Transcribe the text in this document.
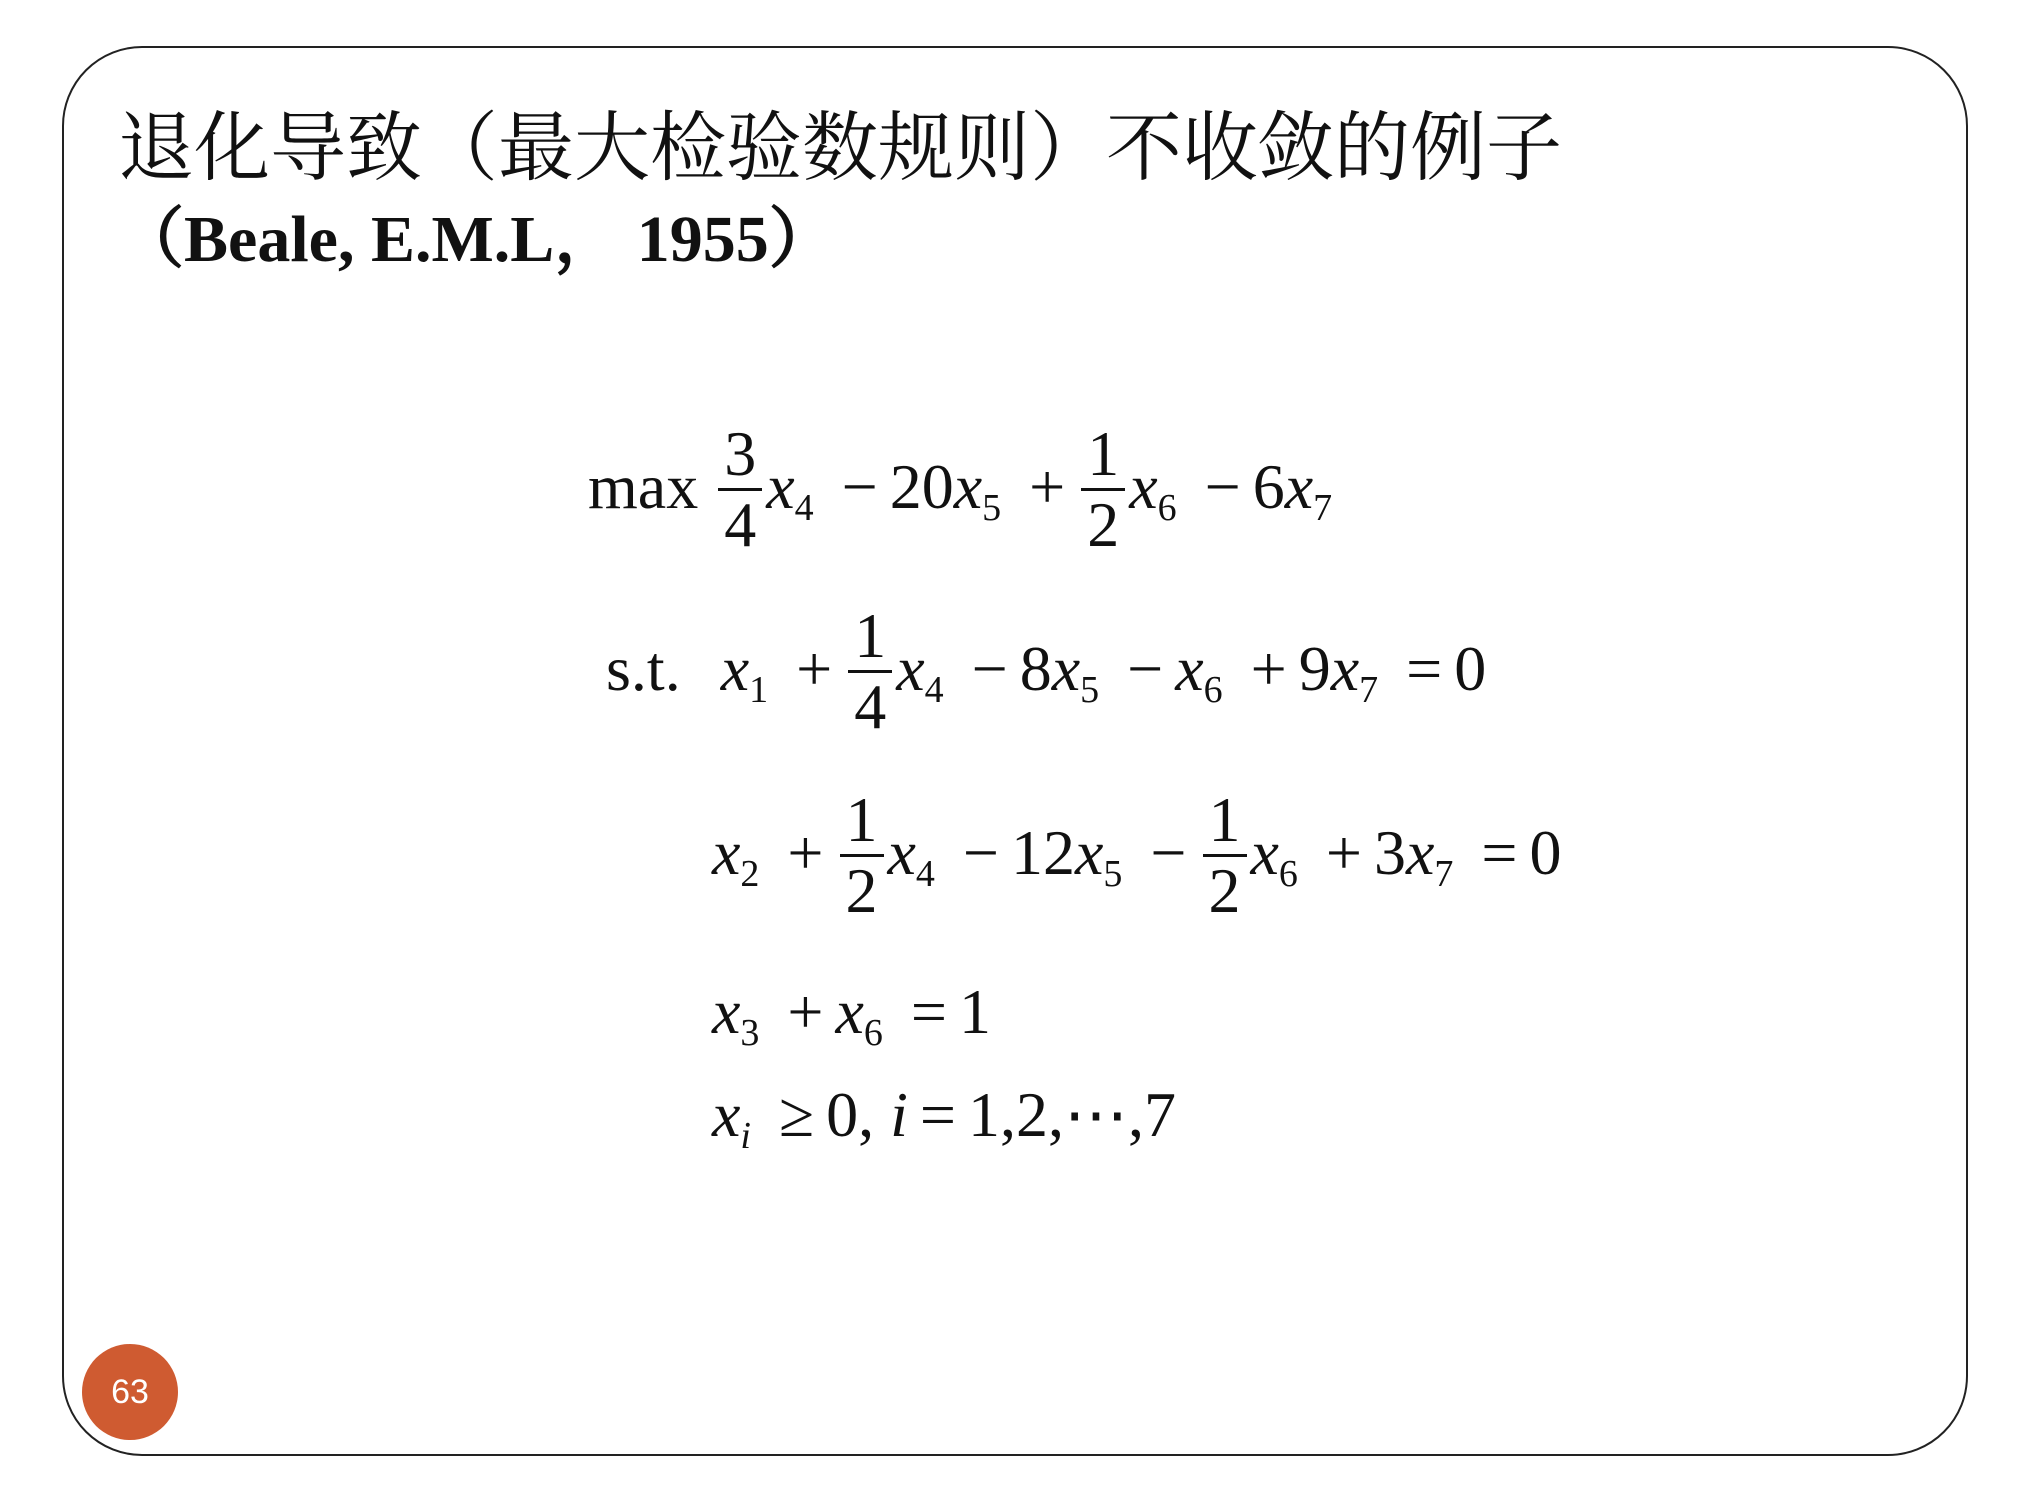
退化导致（最大检验数规则）不收敛的例子
（Beale, E.M.L， 1955）
$\max \frac{3}{4} x_4 - 20x_5 + \frac{1}{2} x_6 - 6x_7$
s.t. $x_1 + \frac{1}{4} x_4 - 8x_5 - x_6 + 9x_7 = 0$
$x_2 + \frac{1}{2} x_4 - 12x_5 - \frac{1}{2} x_6 + 3x_7 = 0$
$x_3 + x_6 = 1$
$x_i \ge 0$, i = 1,2,⋯,7
63
